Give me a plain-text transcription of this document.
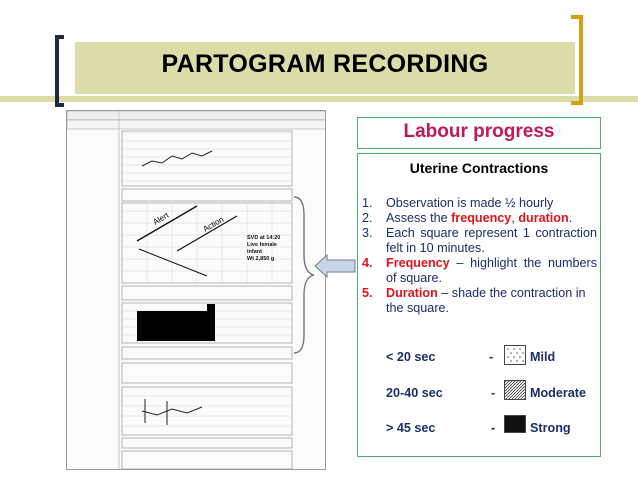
PARTOGRAM RECORDING
Alert	Action
SVD at 14:20
Live female
infant
Wt 2,850 g
Labour progress
Uterine Contractions
1. Observation is made ½ hourly
2. Assess the frequency, duration.
3. Each square represent 1 contraction felt in 10 minutes.
4. Frequency – highlight the numbers of square.
5. Duration – shade the contraction in the square.
< 20 sec	-	Mild
20-40 sec	-	Moderate
> 45 sec	-	Strong
